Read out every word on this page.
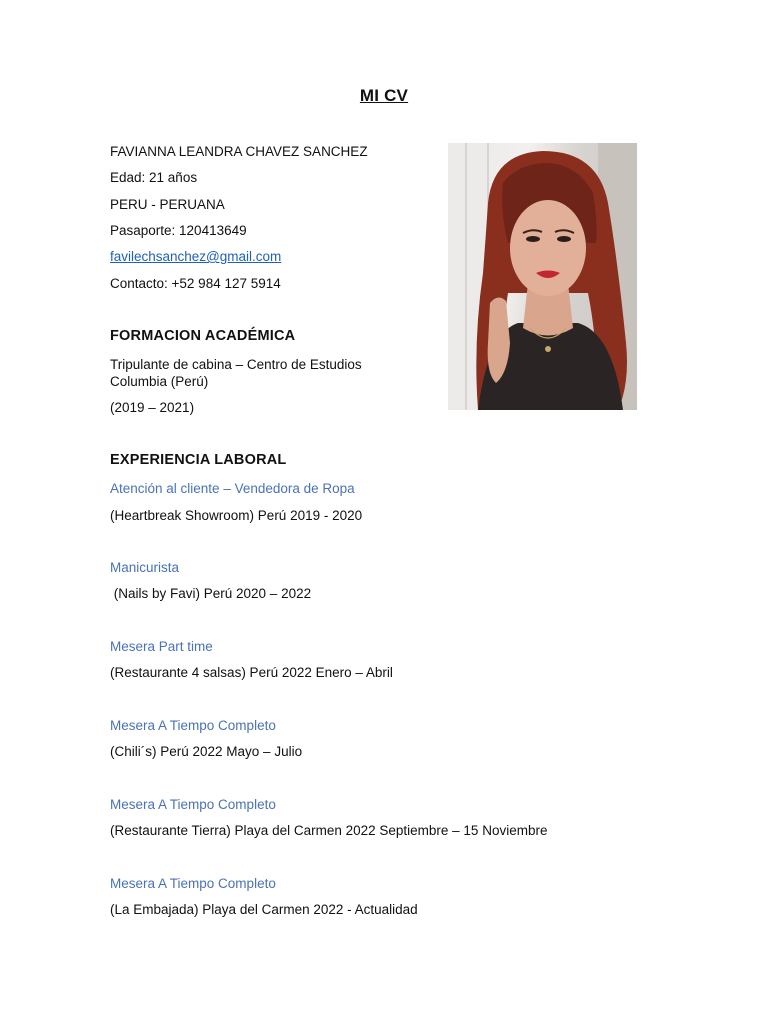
MI CV
FAVIANNA LEANDRA CHAVEZ SANCHEZ
Edad: 21 años
PERU - PERUANA
Pasaporte: 120413649
favilechsanchez@gmail.com
Contacto: +52 984 127 5914
FORMACION ACADÉMICA
Tripulante de cabina – Centro de Estudios Columbia (Perú)
(2019 – 2021)
EXPERIENCIA LABORAL
Atención al cliente – Vendedora de Ropa
(Heartbreak Showroom) Perú 2019 - 2020
Manicurista
(Nails by Favi) Perú 2020 – 2022
Mesera Part time
(Restaurante 4 salsas) Perú 2022 Enero – Abril
Mesera A Tiempo Completo
(Chili´s) Perú 2022 Mayo – Julio
Mesera A Tiempo Completo
(Restaurante Tierra) Playa del Carmen 2022 Septiembre – 15 Noviembre
Mesera A Tiempo Completo
(La Embajada) Playa del Carmen 2022 - Actualidad
